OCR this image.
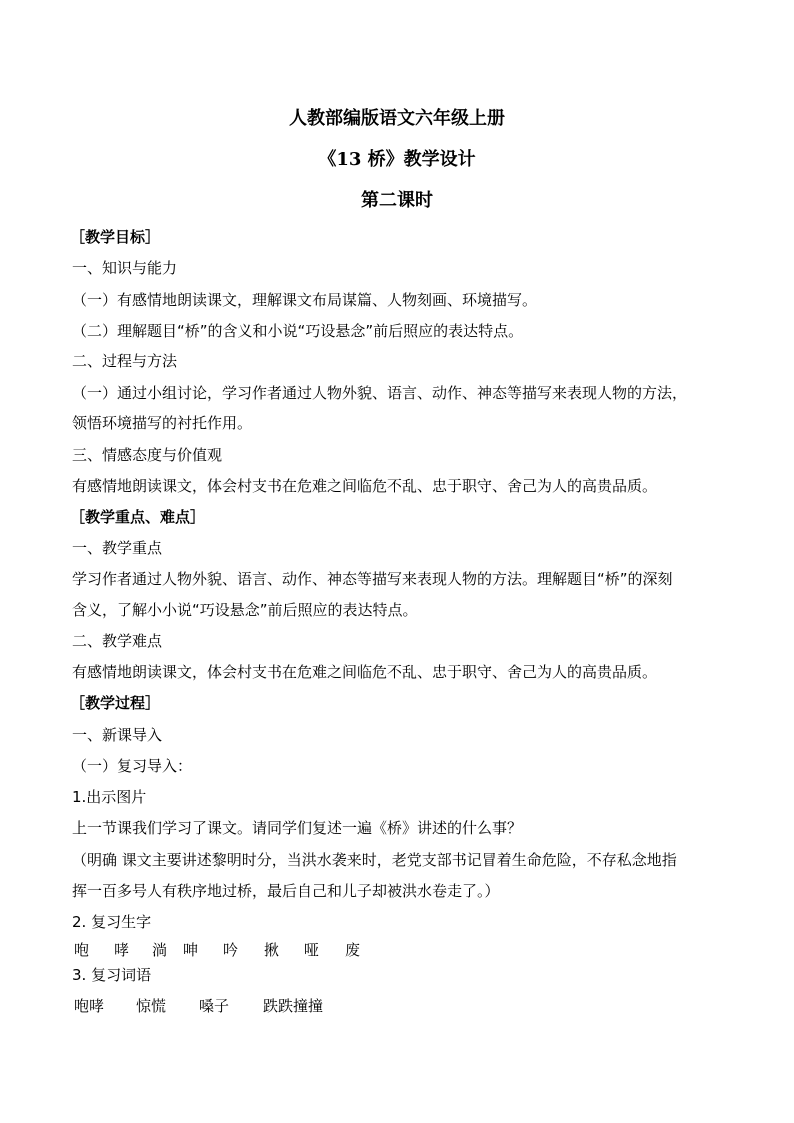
人教部编版语文六年级上册
《13 桥》教学设计
第二课时
［教学目标］
一、知识与能力
（一）有感情地朗读课文，理解课文布局谋篇、人物刻画、环境描写。
（二）理解题目“桥”的含义和小说“巧设悬念”前后照应的表达特点。
二、过程与方法
（一）通过小组讨论，学习作者通过人物外貌、语言、动作、神态等描写来表现人物的方法，
领悟环境描写的衬托作用。
三、情感态度与价值观
有感情地朗读课文，体会村支书在危难之间临危不乱、忠于职守、舍己为人的高贵品质。
［教学重点、难点］
一、教学重点
学习作者通过人物外貌、语言、动作、神态等描写来表现人物的方法。理解题目“桥”的深刻
含义，了解小小说“巧设悬念”前后照应的表达特点。
二、教学难点
有感情地朗读课文，体会村支书在危难之间临危不乱、忠于职守、舍己为人的高贵品质。
［教学过程］
一、新课导入
（一）复习导入：
1.出示图片
上一节课我们学习了课文。请同学们复述一遍《桥》讲述的什么事？
（明确 课文主要讲述黎明时分，当洪水袭来时，老党支部书记冒着生命危险，不存私念地指
挥一百多号人有秩序地过桥，最后自己和儿子却被洪水卷走了。）
2. 复习生字
咆 哮 淌 呻 吟 揪 哑 废
3. 复习词语
咆哮 惊慌 嗓子 跌跌撞撞
